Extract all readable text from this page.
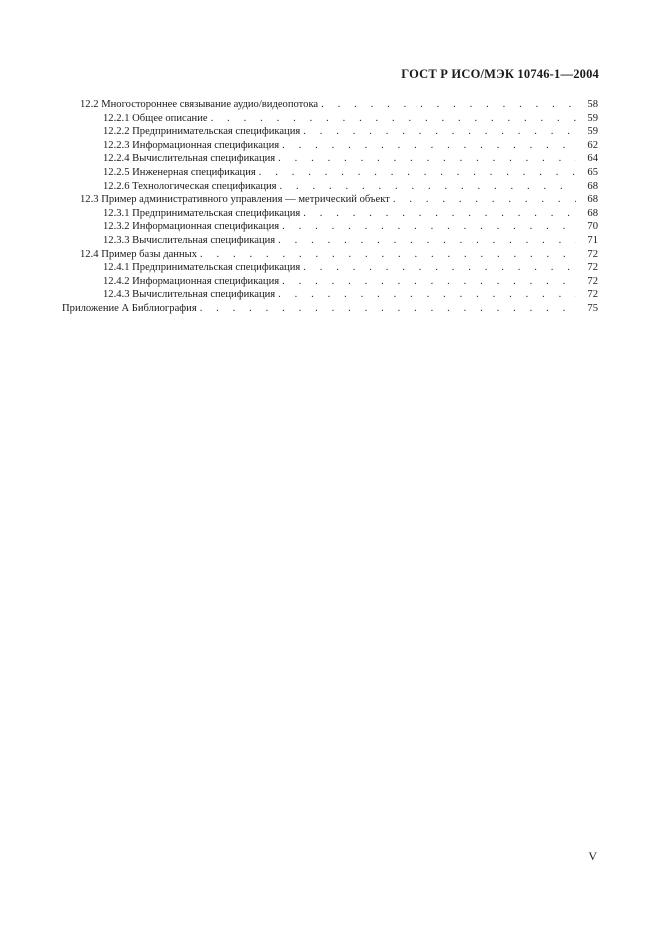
ГОСТ Р ИСО/МЭК 10746-1—2004
12.2 Многостороннее связывание аудио/видеопотока . . .	58
12.2.1 Общее описание . . .	59
12.2.2 Предпринимательская спецификация . . .	59
12.2.3 Информационная спецификация . . .	62
12.2.4 Вычислительная спецификация . . .	64
12.2.5 Инженерная спецификация . . .	65
12.2.6 Технологическая спецификация . . .	68
12.3 Пример административного управления — метрический объект . . .	68
12.3.1 Предпринимательская спецификация . . .	68
12.3.2 Информационная спецификация . . .	70
12.3.3 Вычислительная спецификация . . .	71
12.4 Пример базы данных . . .	72
12.4.1 Предпринимательская спецификация . . .	72
12.4.2 Информационная спецификация . . .	72
12.4.3 Вычислительная спецификация . . .	72
Приложение А Библиография . . .	75
V
